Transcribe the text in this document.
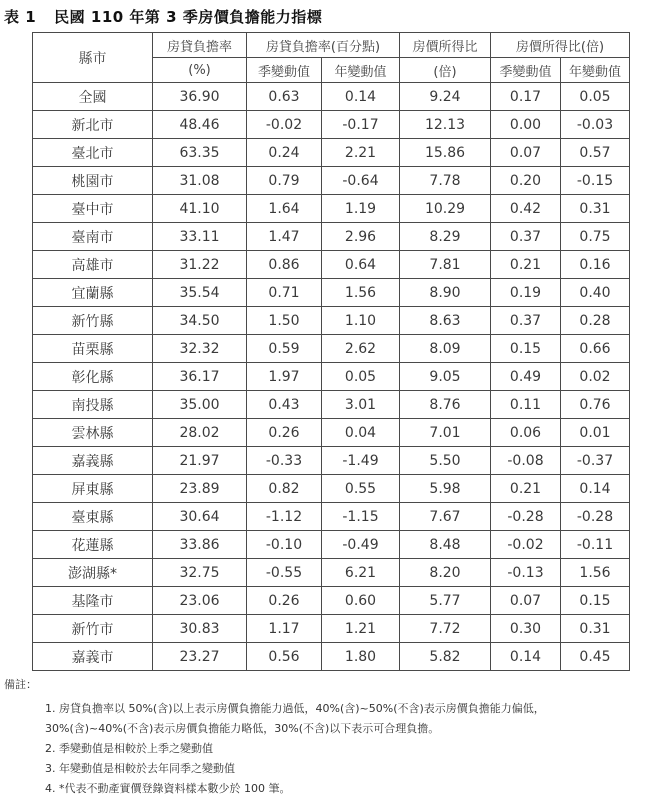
表 1 民國 110 年第 3 季房價負擔能力指標
縣市	房貸負擔率	房貸負擔率(百分點)		房價所得比	房價所得比(倍)	
	(%)	季變動值	年變動值	(倍)	季變動值	年變動值
全國	36.90	0.63	0.14	9.24	0.17	0.05
新北市	48.46	-0.02	-0.17	12.13	0.00	-0.03
臺北市	63.35	0.24	2.21	15.86	0.07	0.57
桃園市	31.08	0.79	-0.64	7.78	0.20	-0.15
臺中市	41.10	1.64	1.19	10.29	0.42	0.31
臺南市	33.11	1.47	2.96	8.29	0.37	0.75
高雄市	31.22	0.86	0.64	7.81	0.21	0.16
宜蘭縣	35.54	0.71	1.56	8.90	0.19	0.40
新竹縣	34.50	1.50	1.10	8.63	0.37	0.28
苗栗縣	32.32	0.59	2.62	8.09	0.15	0.66
彰化縣	36.17	1.97	0.05	9.05	0.49	0.02
南投縣	35.00	0.43	3.01	8.76	0.11	0.76
雲林縣	28.02	0.26	0.04	7.01	0.06	0.01
嘉義縣	21.97	-0.33	-1.49	5.50	-0.08	-0.37
屏東縣	23.89	0.82	0.55	5.98	0.21	0.14
臺東縣	30.64	-1.12	-1.15	7.67	-0.28	-0.28
花蓮縣	33.86	-0.10	-0.49	8.48	-0.02	-0.11
澎湖縣*	32.75	-0.55	6.21	8.20	-0.13	1.56
基隆市	23.06	0.26	0.60	5.77	0.07	0.15
新竹市	30.83	1.17	1.21	7.72	0.30	0.31
嘉義市	23.27	0.56	1.80	5.82	0.14	0.45
備註：
1. 房貸負擔率以 50%(含)以上表示房價負擔能力過低，40%(含)~50%(不含)表示房價負擔能力偏低，
30%(含)~40%(不含)表示房價負擔能力略低，30%(不含)以下表示可合理負擔。
2. 季變動值是相較於上季之變動值
3. 年變動值是相較於去年同季之變動值
4. *代表不動產實價登錄資料樣本數少於 100 筆。
